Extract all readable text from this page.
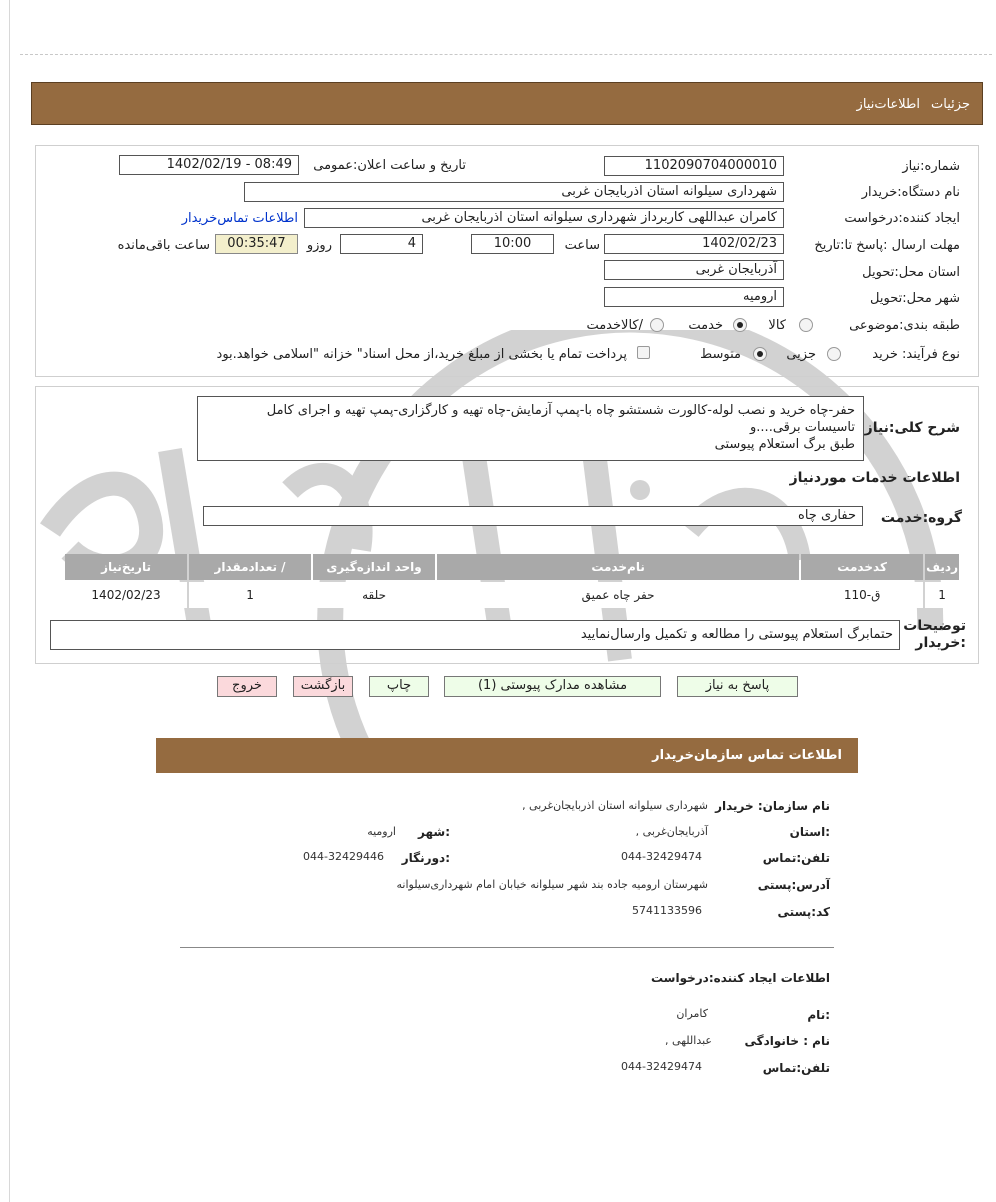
جزئیات
اطلاعات‌نیاز
شماره:نیاز
1102090704000010
تاریخ و ساعت اعلان:عمومی
1402/02/19 - 08:49
نام دستگاه:خریدار
شهرداری سیلوانه استان اذربایجان غربی
ایجاد کننده:درخواست
کامران عبداللهی کاربرداز شهرداری سیلوانه استان اذربایجان غربی
اطلاعات تماس‌خریدار
مهلت ارسال :پاسخ تا:تاریخ
1402/02/23
ساعت
10:00
4
روزو
00:35:47
ساعت باقی‌مانده
استان محل:تحویل
آذربایجان غربی
شهر محل:تحویل
ارومیه
طبقه بندی:موضوعی
کالا
خدمت
/کالاخدمت
نوع فرآیند: خرید
جزیی
متوسط
پرداخت تمام یا بخشی از مبلغ خرید،از محل اسناد" خزانه "اسلامی خواهد.بود
شرح کلی:نیاز
حفر-چاه خرید و نصب لوله-کالورت شستشو چاه با-پمپ آزمایش-چاه تهیه و کارگزاری-پمپ تهیه و اجرای کامل
تاسیسات برقی....و
طبق برگ استعلام پیوستی
اطلاعات خدمات موردنیاز
گروه:خدمت
حفاری چاه
ردیف	کدخدمت	نام‌خدمت	واحد اندازه‌گیری	/ تعدادمقدار	تاریخ‌نیاز
1	ق-110	حفر چاه عمیق	حلقه	1	1402/02/23
توضیحات :خریدار
حتمابرگ استعلام پیوستی را مطالعه و تکمیل وارسال‌نمایید
پاسخ به نیاز
مشاهده مدارک پیوستی (1)
چاپ
بازگشت
خروج
اطلاعات تماس سازمان‌خریدار
نام سازمان: خریدار
شهرداری سیلوانه استان اذربایجان‌غربی ,
:استان
آذربایجان‌غربی ,
:شهر
ارومیه
تلفن:تماس
044-32429474
:دورنگار
044-32429446
آدرس:پستی
شهرستان ارومیه جاده بند شهر سیلوانه خیابان امام شهرداری‌سیلوانه
کد:پستی
5741133596
اطلاعات ایجاد کننده:درخواست
:نام
کامران
نام : خانوادگی
عبداللهی ,
تلفن:تماس
044-32429474
